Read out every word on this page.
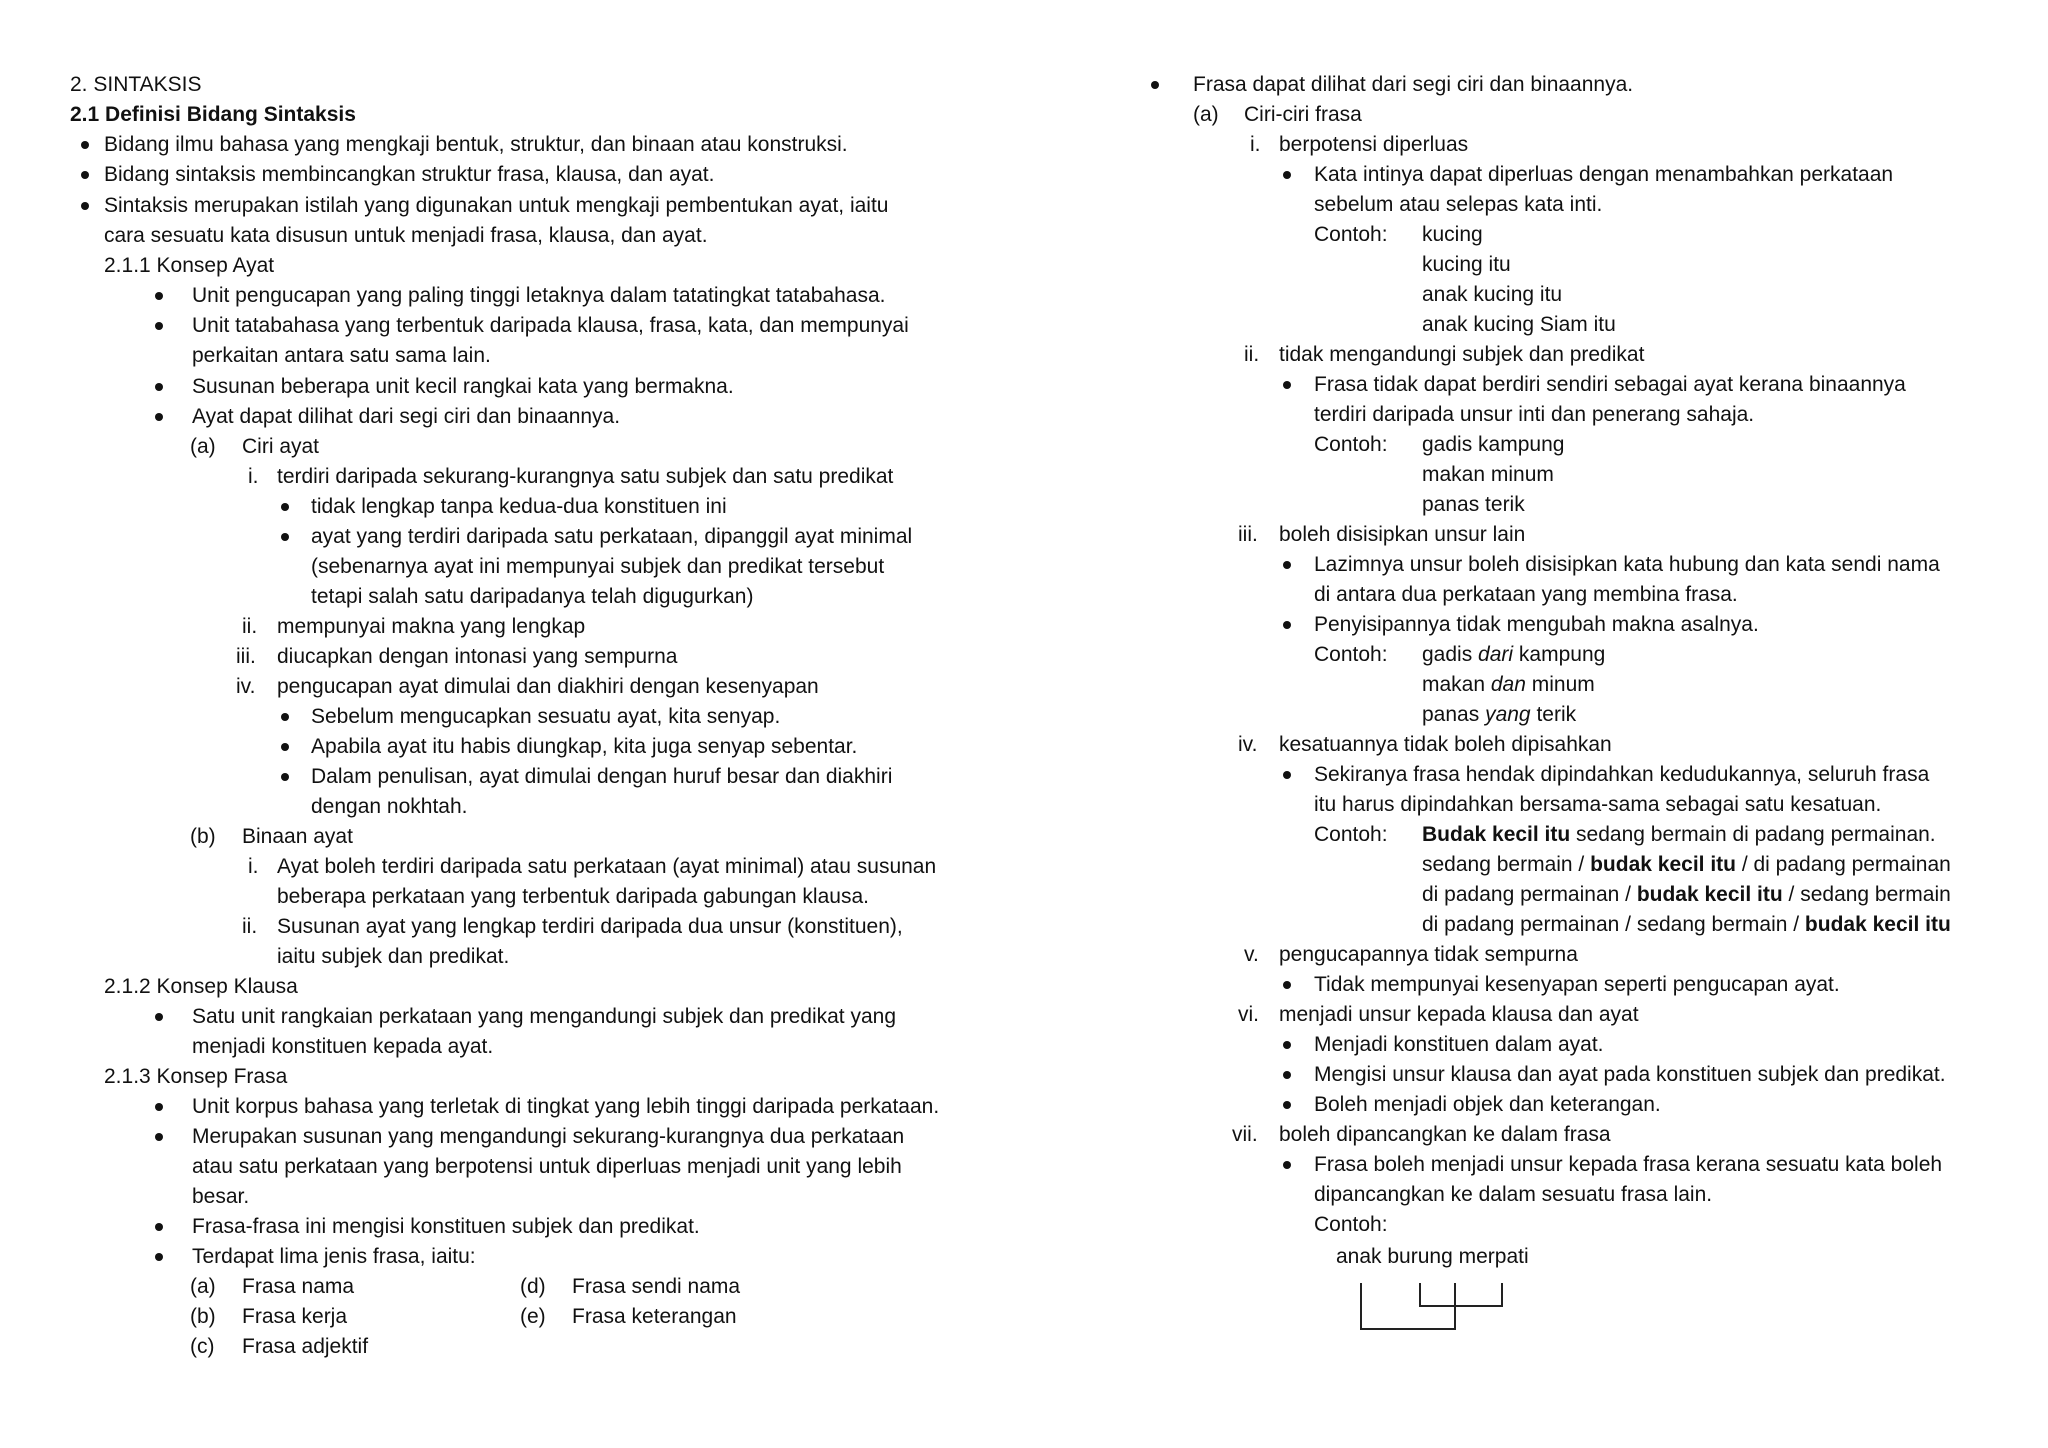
2. SINTAKSIS
2.1 Definisi Bidang Sintaksis
Bidang ilmu bahasa yang mengkaji bentuk, struktur, dan binaan atau konstruksi.
Bidang sintaksis membincangkan struktur frasa, klausa, dan ayat.
Sintaksis merupakan istilah yang digunakan untuk mengkaji pembentukan ayat, iaitu
cara sesuatu kata disusun untuk menjadi frasa, klausa, dan ayat.
2.1.1 Konsep Ayat
Unit pengucapan yang paling tinggi letaknya dalam tatatingkat tatabahasa.
Unit tatabahasa yang terbentuk daripada klausa, frasa, kata, dan mempunyai
perkaitan antara satu sama lain.
Susunan beberapa unit kecil rangkai kata yang bermakna.
Ayat dapat dilihat dari segi ciri dan binaannya.
(a) Ciri ayat
i. terdiri daripada sekurang-kurangnya satu subjek dan satu predikat
tidak lengkap tanpa kedua-dua konstituen ini
ayat yang terdiri daripada satu perkataan, dipanggil ayat minimal
(sebenarnya ayat ini mempunyai subjek dan predikat tersebut
tetapi salah satu daripadanya telah digugurkan)
ii. mempunyai makna yang lengkap
iii. diucapkan dengan intonasi yang sempurna
iv. pengucapan ayat dimulai dan diakhiri dengan kesenyapan
Sebelum mengucapkan sesuatu ayat, kita senyap.
Apabila ayat itu habis diungkap, kita juga senyap sebentar.
Dalam penulisan, ayat dimulai dengan huruf besar dan diakhiri
dengan nokhtah.
(b) Binaan ayat
i. Ayat boleh terdiri daripada satu perkataan (ayat minimal) atau susunan
beberapa perkataan yang terbentuk daripada gabungan klausa.
ii. Susunan ayat yang lengkap terdiri daripada dua unsur (konstituen),
iaitu subjek dan predikat.
2.1.2 Konsep Klausa
Satu unit rangkaian perkataan yang mengandungi subjek dan predikat yang
menjadi konstituen kepada ayat.
2.1.3 Konsep Frasa
Unit korpus bahasa yang terletak di tingkat yang lebih tinggi daripada perkataan.
Merupakan susunan yang mengandungi sekurang-kurangnya dua perkataan
atau satu perkataan yang berpotensi untuk diperluas menjadi unit yang lebih
besar.
Frasa-frasa ini mengisi konstituen subjek dan predikat.
Terdapat lima jenis frasa, iaitu:
(a) Frasa nama
(b) Frasa kerja
(c) Frasa adjektif
(d) Frasa sendi nama
(e) Frasa keterangan
Frasa dapat dilihat dari segi ciri dan binaannya.
(a) Ciri-ciri frasa
i. berpotensi diperluas
Kata intinya dapat diperluas dengan menambahkan perkataan
sebelum atau selepas kata inti.
Contoh: kucing
kucing itu
anak kucing itu
anak kucing Siam itu
ii. tidak mengandungi subjek dan predikat
Frasa tidak dapat berdiri sendiri sebagai ayat kerana binaannya
terdiri daripada unsur inti dan penerang sahaja.
Contoh: gadis kampung
makan minum
panas terik
iii. boleh disisipkan unsur lain
Lazimnya unsur boleh disisipkan kata hubung dan kata sendi nama
di antara dua perkataan yang membina frasa.
Penyisipannya tidak mengubah makna asalnya.
Contoh: gadis dari kampung
makan dan minum
panas yang terik
iv. kesatuannya tidak boleh dipisahkan
Sekiranya frasa hendak dipindahkan kedudukannya, seluruh frasa
itu harus dipindahkan bersama-sama sebagai satu kesatuan.
Contoh: Budak kecil itu sedang bermain di padang permainan.
sedang bermain / budak kecil itu / di padang permainan
di padang permainan / budak kecil itu / sedang bermain
di padang permainan / sedang bermain / budak kecil itu
v. pengucapannya tidak sempurna
Tidak mempunyai kesenyapan seperti pengucapan ayat.
vi. menjadi unsur kepada klausa dan ayat
Menjadi konstituen dalam ayat.
Mengisi unsur klausa dan ayat pada konstituen subjek dan predikat.
Boleh menjadi objek dan keterangan.
vii. boleh dipancangkan ke dalam frasa
Frasa boleh menjadi unsur kepada frasa kerana sesuatu kata boleh
dipancangkan ke dalam sesuatu frasa lain.
Contoh:
anak burung merpati
